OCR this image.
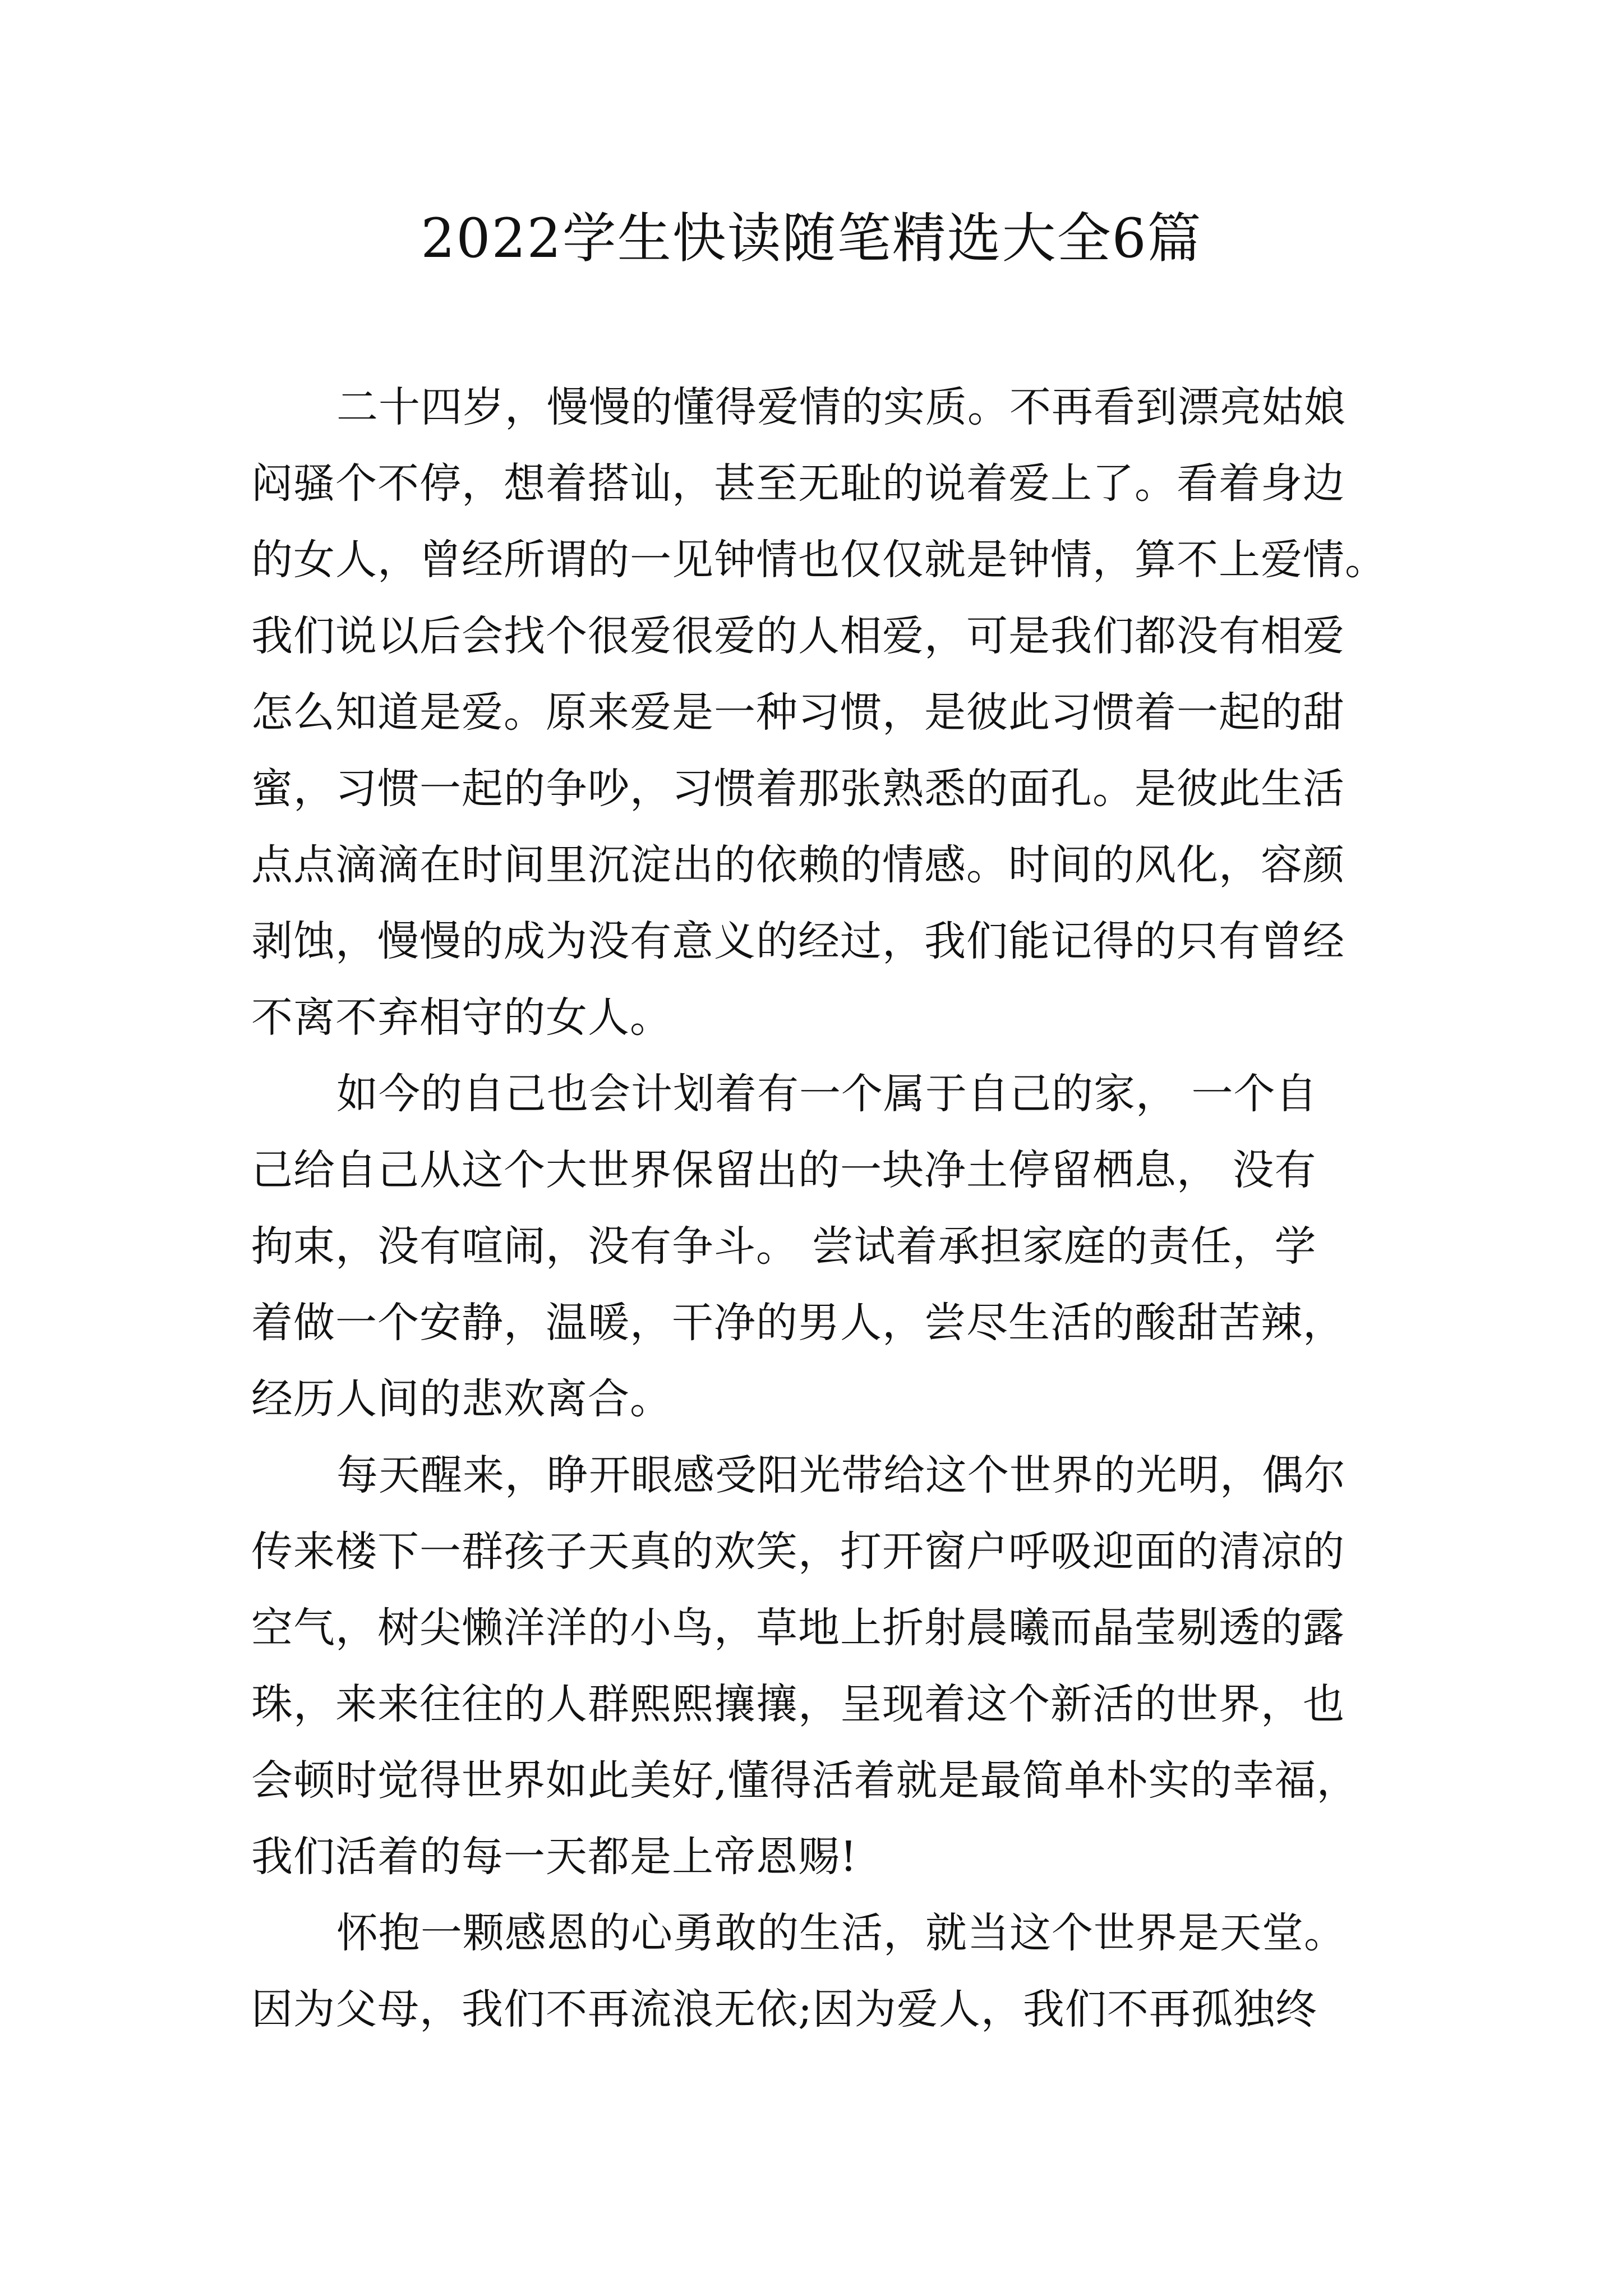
2022学生快读随笔精选大全6篇
二十四岁，慢慢的懂得爱情的实质。不再看到漂亮姑娘
闷骚个不停，想着搭讪，甚至无耻的说着爱上了。看着身边
的女人，曾经所谓的一见钟情也仅仅就是钟情，算不上爱情。
我们说以后会找个很爱很爱的人相爱，可是我们都没有相爱
怎么知道是爱。原来爱是一种习惯，是彼此习惯着一起的甜
蜜，习惯一起的争吵，习惯着那张熟悉的面孔。是彼此生活
点点滴滴在时间里沉淀出的依赖的情感。时间的风化，容颜
剥蚀，慢慢的成为没有意义的经过，我们能记得的只有曾经
不离不弃相守的女人。
如今的自己也会计划着有一个属于自己的家， 一个自
己给自己从这个大世界保留出的一块净土停留栖息， 没有
拘束，没有喧闹，没有争斗。 尝试着承担家庭的责任，学
着做一个安静，温暖，干净的男人，尝尽生活的酸甜苦辣，
经历人间的悲欢离合。
每天醒来，睁开眼感受阳光带给这个世界的光明，偶尔
传来楼下一群孩子天真的欢笑，打开窗户呼吸迎面的清凉的
空气，树尖懒洋洋的小鸟，草地上折射晨曦而晶莹剔透的露
珠，来来往往的人群熙熙攘攘，呈现着这个新活的世界，也
会顿时觉得世界如此美好,懂得活着就是最简单朴实的幸福，
我们活着的每一天都是上帝恩赐!
怀抱一颗感恩的心勇敢的生活，就当这个世界是天堂。
因为父母，我们不再流浪无依;因为爱人，我们不再孤独终
